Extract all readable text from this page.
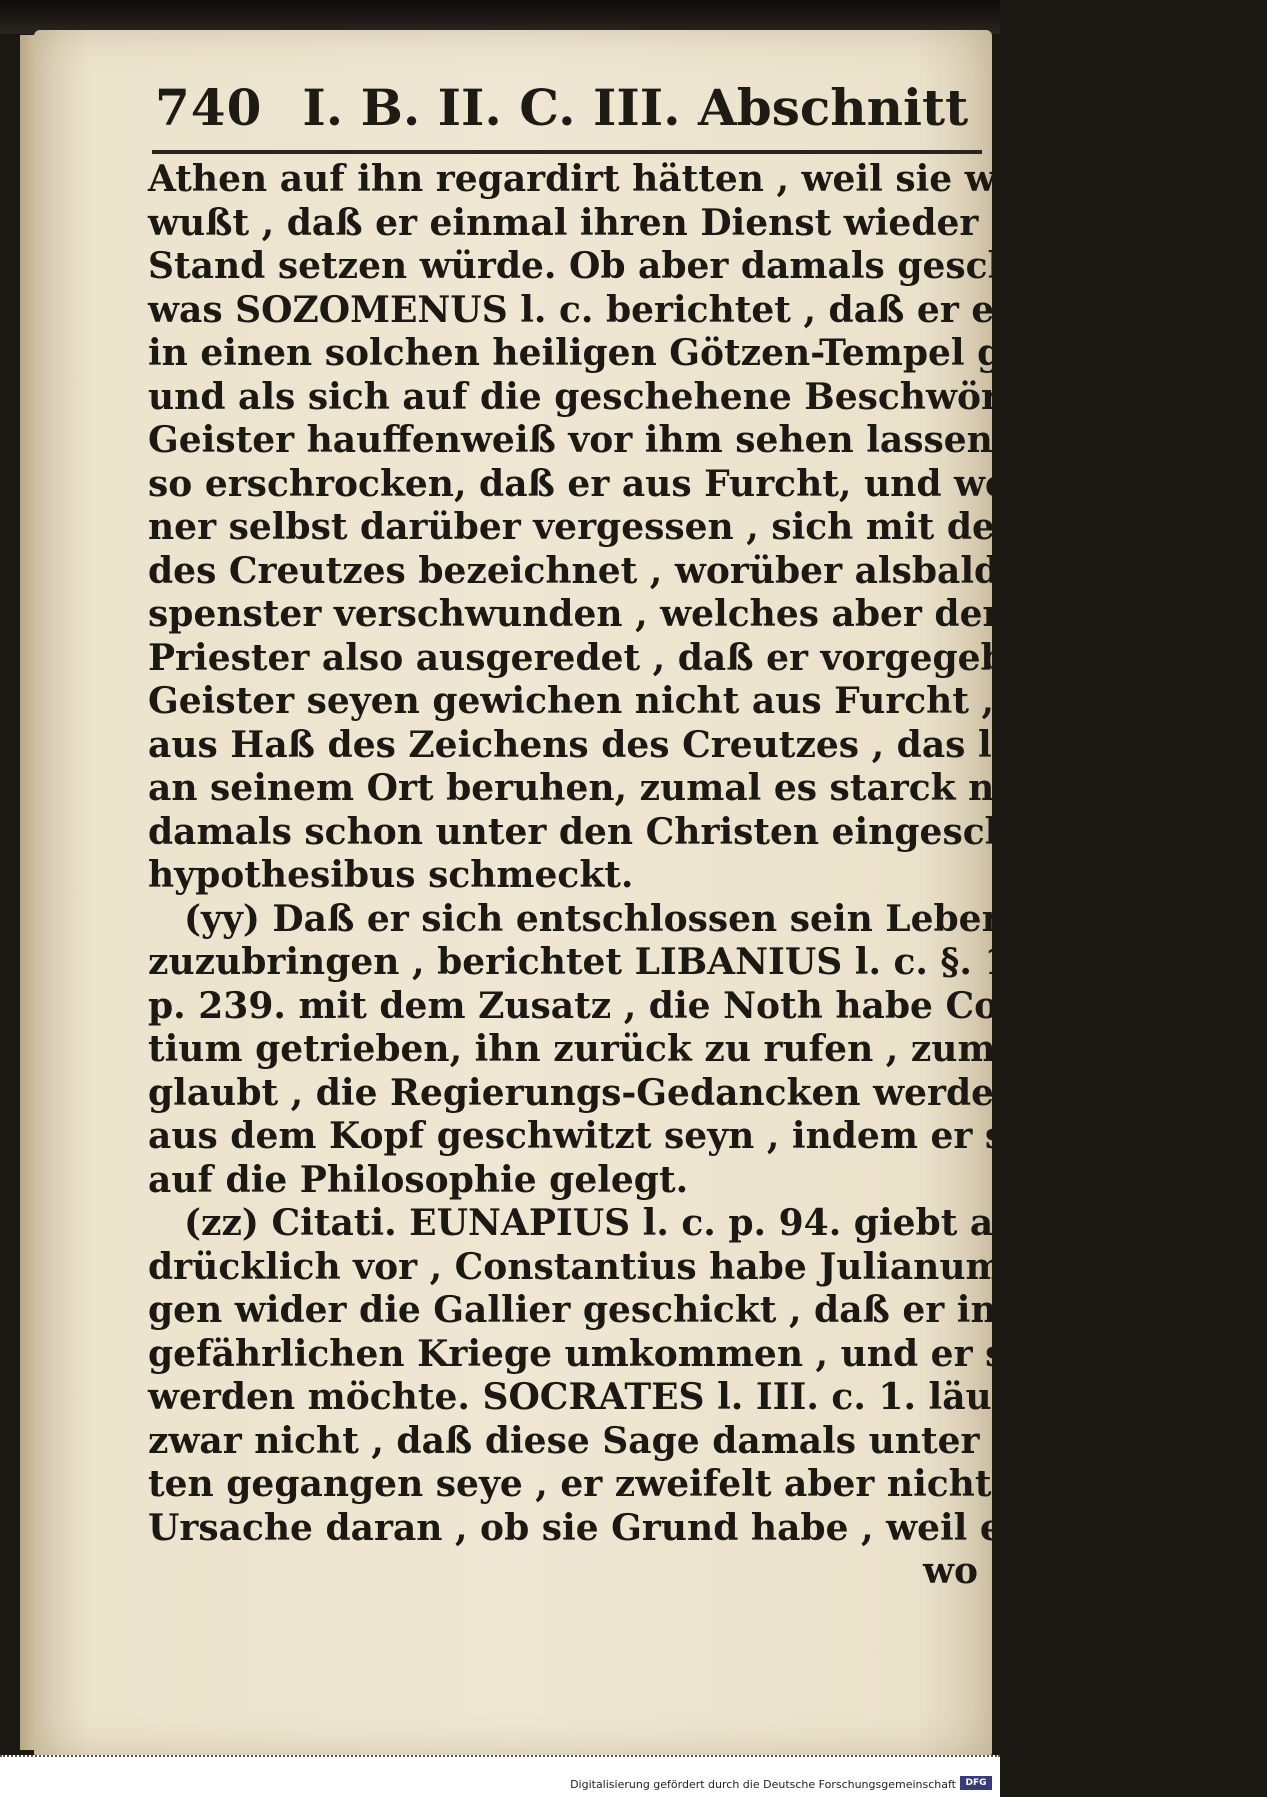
740 I. B. II. C. III. Abschnitt
Athen auf ihn regardirt hätten , weil sie wohl ge-
wußt , daß er einmal ihren Dienst wieder in den
Stand setzen würde. Ob aber damals geschehen,
was SOZOMENUS l. c. berichtet , daß er einsmals
in einen solchen heiligen Götzen-Tempel gekommen,
und als sich auf die geschehene Beschwörung die
Geister hauffenweiß vor ihm sehen lassen , darüber
so erschrocken, daß er aus Furcht, und weil er sei-
ner selbst darüber vergessen , sich mit dem Zeichen
des Creutzes bezeichnet , worüber alsbald alle Ge-
spenster verschwunden , welches aber der Ober-
Priester also ausgeredet , daß er vorgegeben , die
Geister seyen gewichen nicht aus Furcht , sondern
aus Haß des Zeichens des Creutzes , das läßt man
an seinem Ort beruhen, zumal es starck nach denen
damals schon unter den Christen eingeschlichenen
hypothesibus schmeckt.
(yy) Daß er sich entschlossen sein Leben zu Athen
zuzubringen , berichtet LIBANIUS l. c. §. 15.
p. 239. mit dem Zusatz , die Noth habe Constan-
tium getrieben, ihn zurück zu rufen , zumal er ge-
glaubt , die Regierungs-Gedancken werden ihm
aus dem Kopf geschwitzt seyn , indem er sich gäntzlich
auf die Philosophie gelegt.
(zz) Citati. EUNAPIUS l. c. p. 94. giebt aus-
drücklich vor , Constantius habe Julianum deswe-
gen wider die Gallier geschickt , daß er in diesem
gefährlichen Kriege umkommen , und er seiner loß
werden möchte. SOCRATES l. III. c. 1. läugnet
zwar nicht , daß diese Sage damals unter den Leu-
ten gegangen seye , er zweifelt aber nicht ohne
Ursache daran , ob sie Grund habe , weil er ihm,
wo
Digitalisierung gefördert durch die Deutsche Forschungsgemeinschaft	DFG
